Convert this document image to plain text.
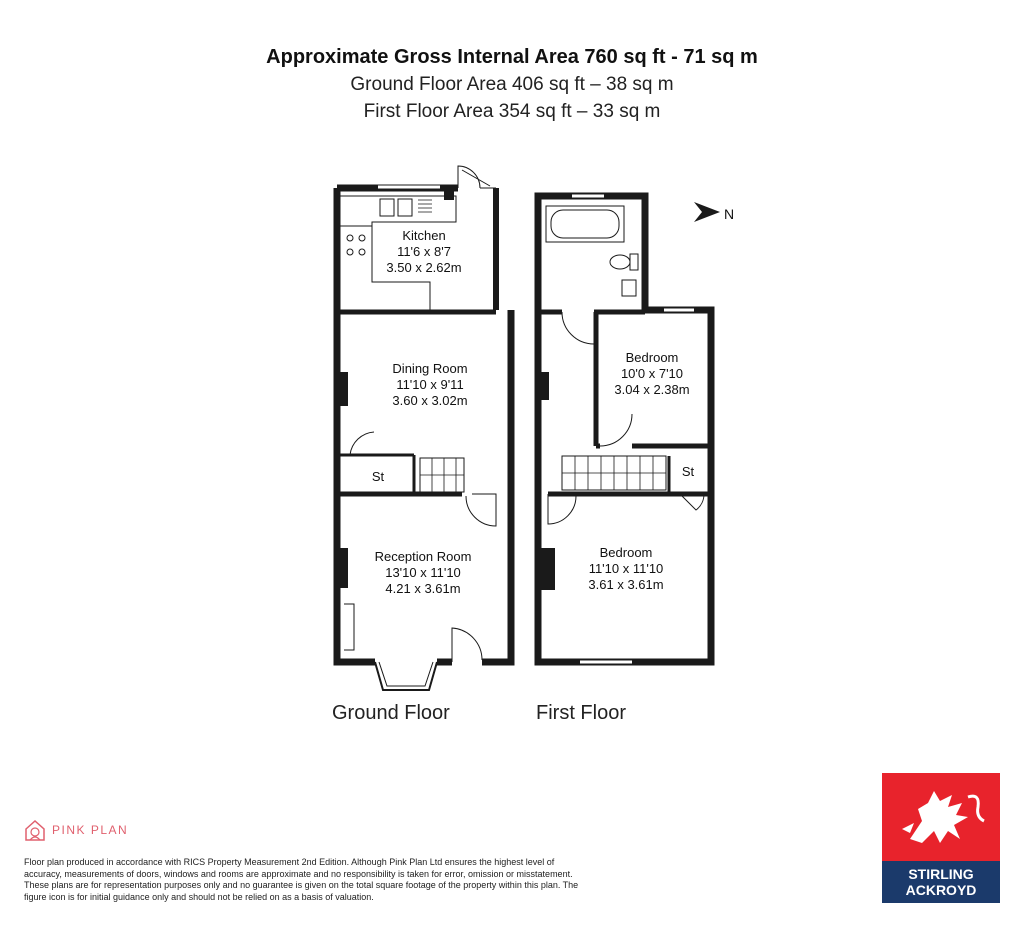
Approximate Gross Internal Area 760 sq ft - 71 sq m
Ground Floor Area 406 sq ft – 38 sq m
First Floor Area 354 sq ft – 33 sq m
N
Kitchen
11'6 x 8'7
3.50 x 2.62m
Dining Room
11'10 x 9'11
3.60 x 3.02m
St
Reception Room
13'10 x 11'10
4.21 x 3.61m
Bedroom
10'0 x 7'10
3.04 x 2.38m
St
Bedroom
11'10 x 11'10
3.61 x 3.61m
Ground Floor	First Floor
PINK PLAN
Floor plan produced in accordance with RICS Property Measurement 2nd Edition. Although Pink Plan Ltd ensures the highest level of accuracy, measurements of doors, windows and rooms are approximate and no responsibility is taken for error, omission or misstatement. These plans are for representation purposes only and no guarantee is given on the total square footage of the property within this plan. The figure icon is for initial guidance only and should not be relied on as a basis of valuation.
STIRLING
ACKROYD
